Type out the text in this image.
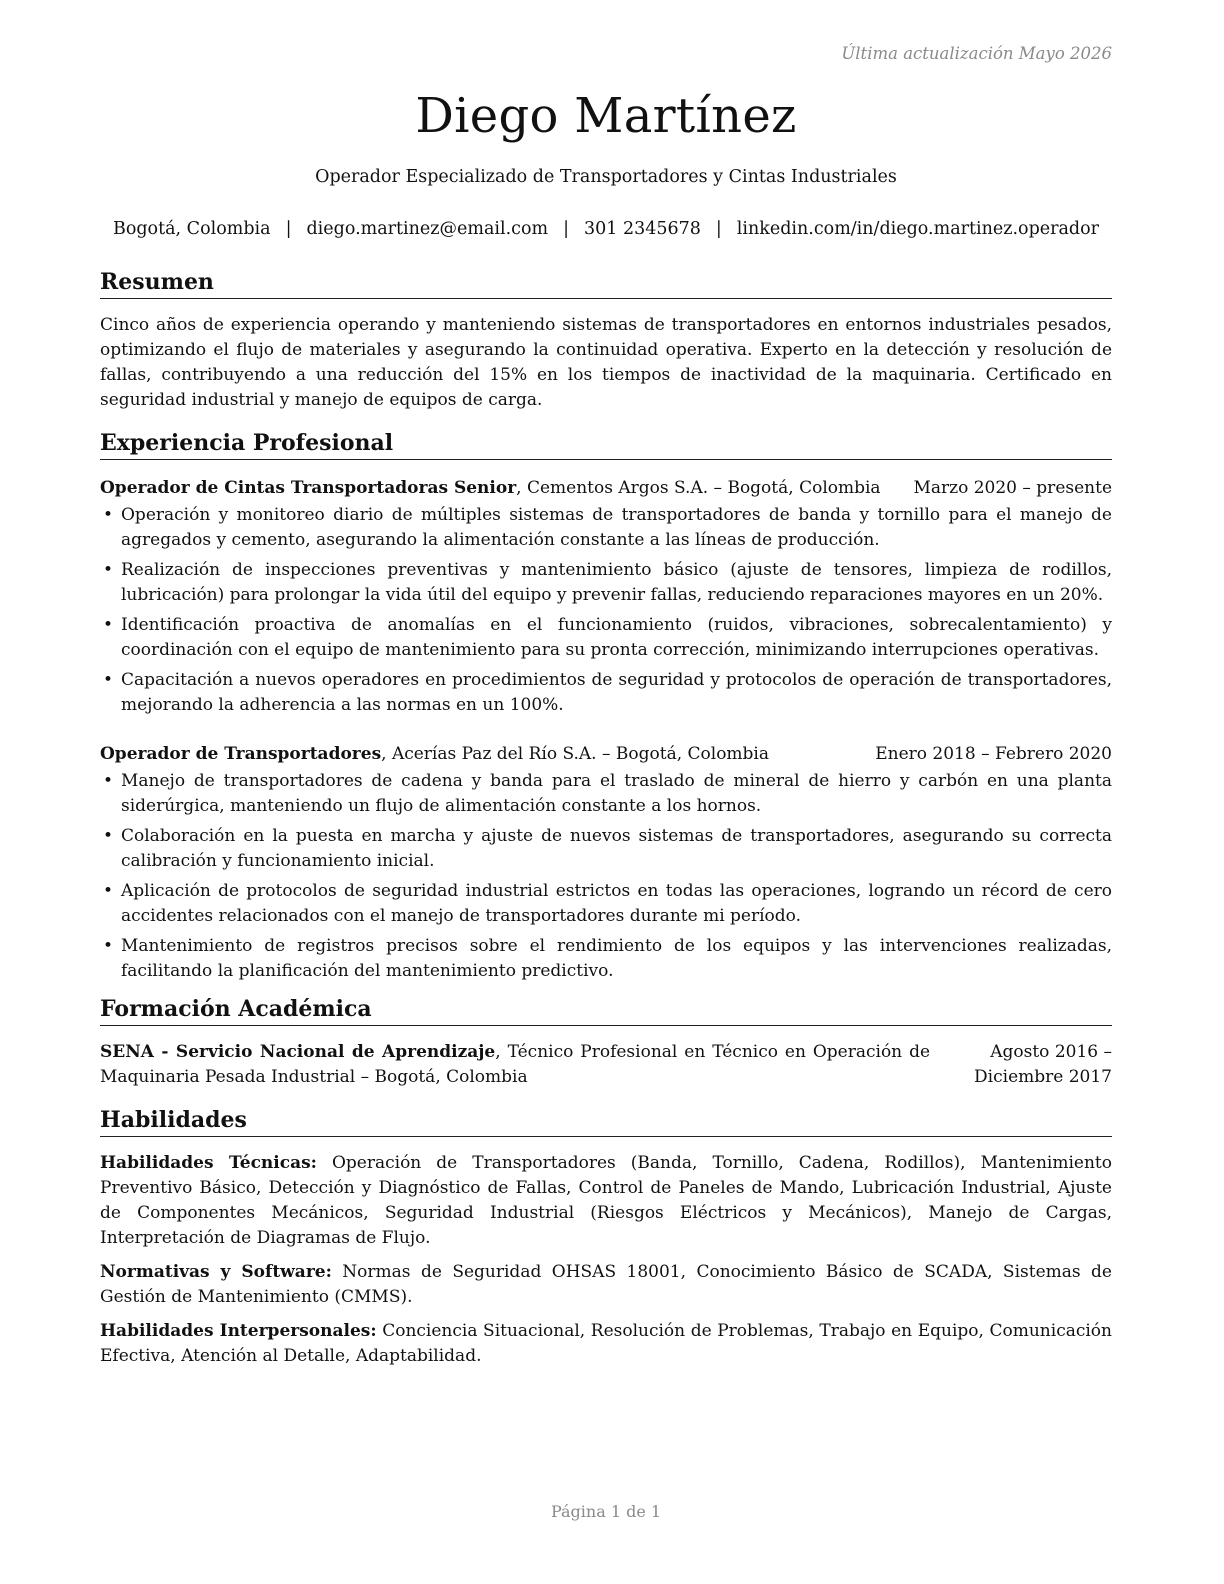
Última actualización Mayo 2026
Diego Martínez
Operador Especializado de Transportadores y Cintas Industriales
Bogotá, Colombia | diego.martinez@email.com | 301 2345678 | linkedin.com/in/diego.martinez.operador
Resumen

Cinco años de experiencia operando y manteniendo sistemas de transportadores en entornos industriales pesados, optimizando el flujo de materiales y asegurando la continuidad operativa. Experto en la detección y resolución de fallas, contribuyendo a una reducción del 15% en los tiempos de inactividad de la maquinaria. Certificado en seguridad industrial y manejo de equipos de carga.

Experiencia Profesional
Operador de Cintas Transportadoras Senior, Cementos Argos S.A. – Bogotá, Colombia Marzo 2020 – presente
• Operación y monitoreo diario de múltiples sistemas de transportadores de banda y tornillo para el manejo de agregados y cemento, asegurando la alimentación constante a las líneas de producción.
• Realización de inspecciones preventivas y mantenimiento básico (ajuste de tensores, limpieza de rodillos, lubricación) para prolongar la vida útil del equipo y prevenir fallas, reduciendo reparaciones mayores en un 20%.
• Identificación proactiva de anomalías en el funcionamiento (ruidos, vibraciones, sobrecalentamiento) y coordinación con el equipo de mantenimiento para su pronta corrección, minimizando interrupciones operativas.
• Capacitación a nuevos operadores en procedimientos de seguridad y protocolos de operación de transportadores, mejorando la adherencia a las normas en un 100%.
Operador de Transportadores, Acerías Paz del Río S.A. – Bogotá, Colombia	Enero 2018 – Febrero 2020
• Manejo de transportadores de cadena y banda para el traslado de mineral de hierro y carbón en una planta siderúrgica, manteniendo un flujo de alimentación constante a los hornos.
• Colaboración en la puesta en marcha y ajuste de nuevos sistemas de transportadores, asegurando su correcta calibración y funcionamiento inicial.
• Aplicación de protocolos de seguridad industrial estrictos en todas las operaciones, logrando un récord de cero accidentes relacionados con el manejo de transportadores durante mi período.
• Mantenimiento de registros precisos sobre el rendimiento de los equipos y las intervenciones realizadas, facilitando la planificación del mantenimiento predictivo.
Formación Académica
SENA - Servicio Nacional de Aprendizaje, Técnico Profesional en Técnico en Operación de Maquinaria Pesada Industrial – Bogotá, Colombia
Agosto 2016 – Diciembre 2017
Habilidades

Habilidades Técnicas: Operación de Transportadores (Banda, Tornillo, Cadena, Rodillos), Mantenimiento Preventivo Básico, Detección y Diagnóstico de Fallas, Control de Paneles de Mando, Lubricación Industrial, Ajuste de Componentes Mecánicos, Seguridad Industrial (Riesgos Eléctricos y Mecánicos), Manejo de Cargas, Interpretación de Diagramas de Flujo.

Normativas y Software: Normas de Seguridad OHSAS 18001, Conocimiento Básico de SCADA, Sistemas de Gestión de Mantenimiento (CMMS).

Habilidades Interpersonales: Conciencia Situacional, Resolución de Problemas, Trabajo en Equipo, Comunicación Efectiva, Atención al Detalle, Adaptabilidad.

Página 1 de 1
